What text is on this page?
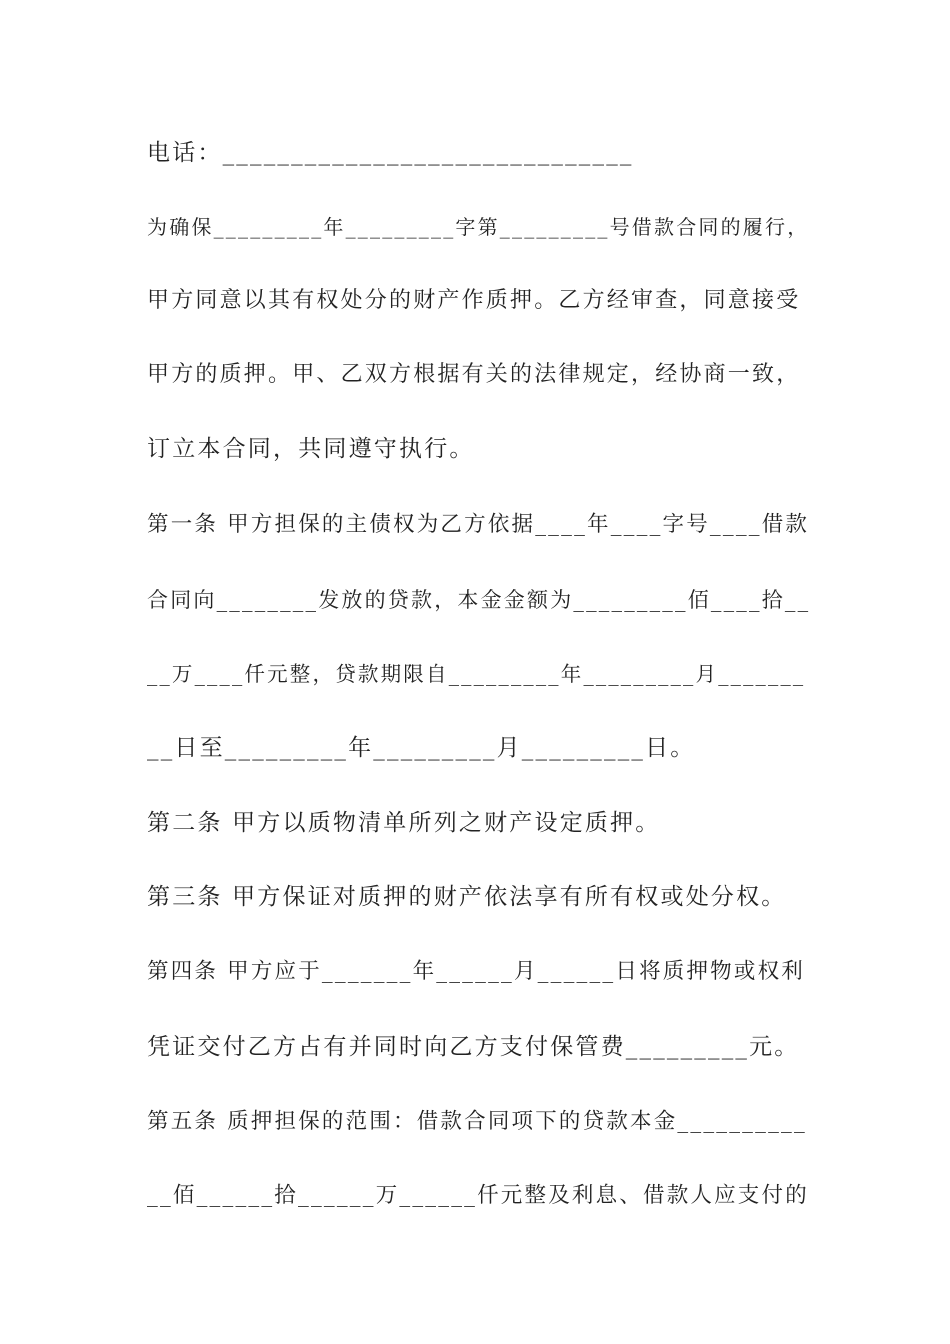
电话：______________________________
为确保_________年_________字第_________号借款合同的履行，
甲方同意以其有权处分的财产作质押。乙方经审查，同意接受
甲方的质押。甲、乙双方根据有关的法律规定，经协商一致，
订立本合同，共同遵守执行。
第一条 甲方担保的主债权为乙方依据____年____字号____借款
合同向________发放的贷款，本金金额为_________佰____拾__
__万____仟元整，贷款期限自_________年_________月_______
__日至_________年_________月_________日。
第二条 甲方以质物清单所列之财产设定质押。
第三条 甲方保证对质押的财产依法享有所有权或处分权。
第四条 甲方应于_______年______月______日将质押物或权利
凭证交付乙方占有并同时向乙方支付保管费_________元。
第五条 质押担保的范围：借款合同项下的贷款本金__________
__佰______拾______万______仟元整及利息、借款人应支付的
